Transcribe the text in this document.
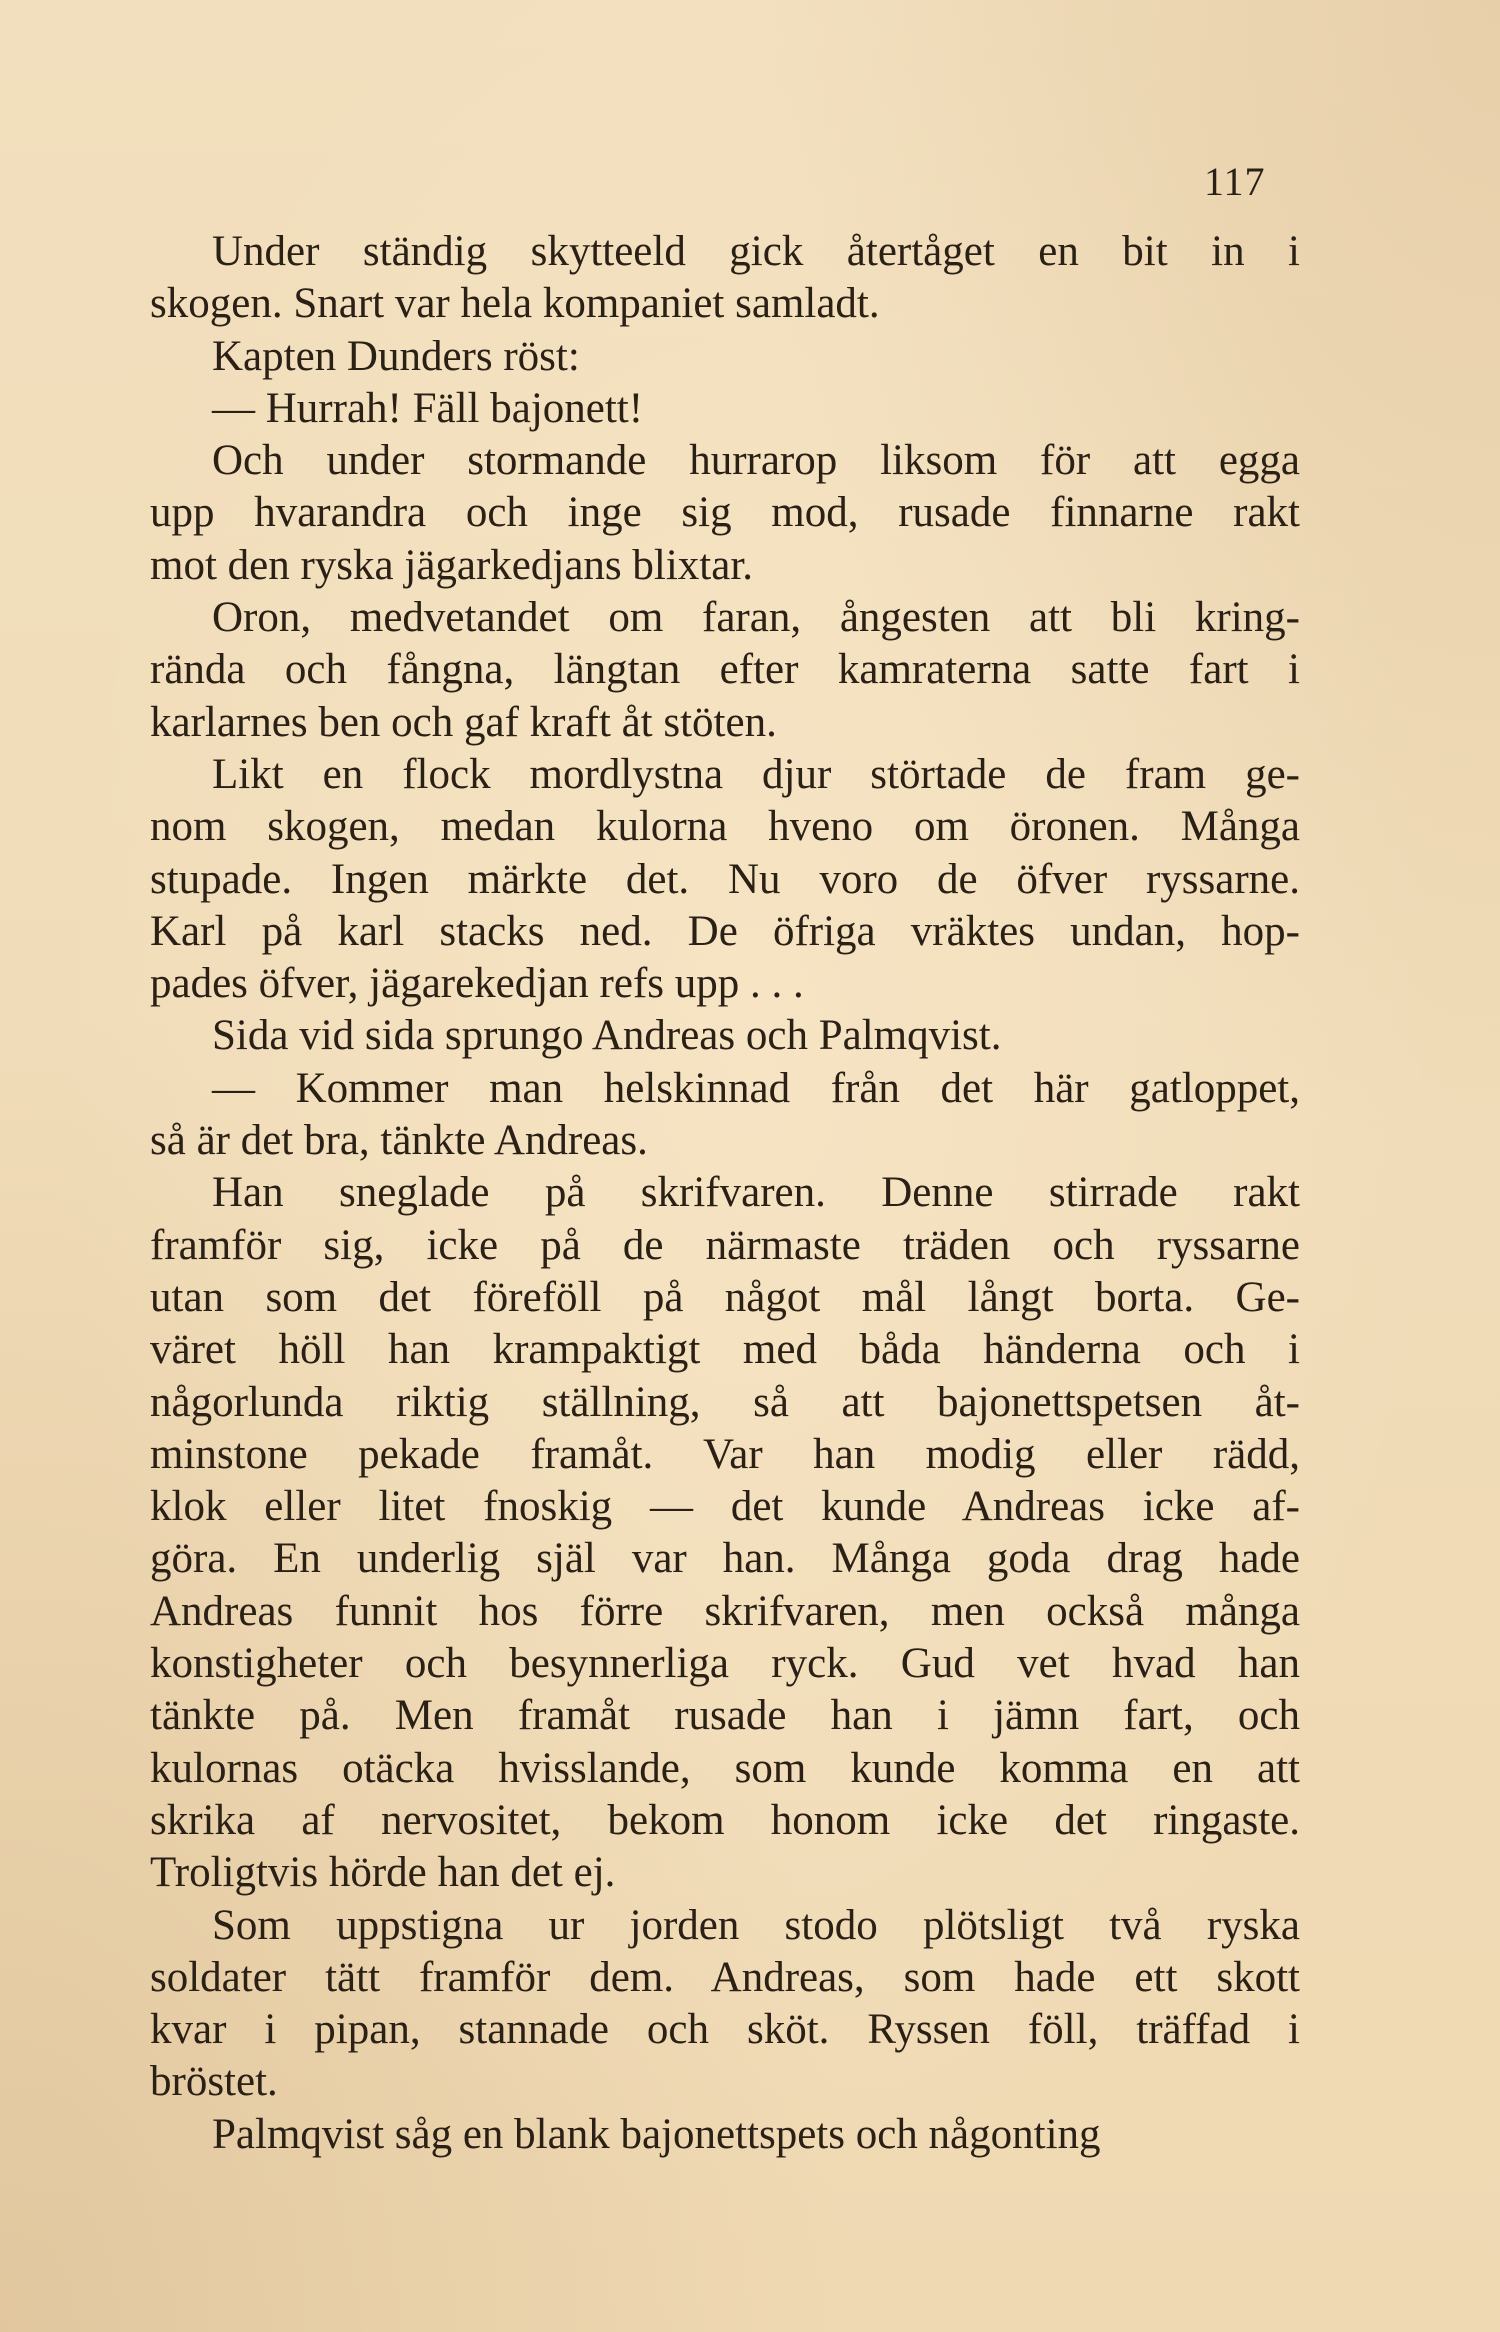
117
Under ständig skytteeld gick återtåget en bit in i
skogen. Snart var hela kompaniet samladt.
Kapten Dunders röst:
— Hurrah! Fäll bajonett!
Och under stormande hurrarop liksom för att egga
upp hvarandra och inge sig mod, rusade finnarne rakt
mot den ryska jägarkedjans blixtar.
Oron, medvetandet om faran, ångesten att bli kring-
rända och fångna, längtan efter kamraterna satte fart i
karlarnes ben och gaf kraft åt stöten.
Likt en flock mordlystna djur störtade de fram ge-
nom skogen, medan kulorna hveno om öronen. Många
stupade. Ingen märkte det. Nu voro de öfver ryssarne.
Karl på karl stacks ned. De öfriga vräktes undan, hop-
pades öfver, jägarekedjan refs upp . . .
Sida vid sida sprungo Andreas och Palmqvist.
— Kommer man helskinnad från det här gatloppet,
så är det bra, tänkte Andreas.
Han sneglade på skrifvaren. Denne stirrade rakt
framför sig, icke på de närmaste träden och ryssarne
utan som det föreföll på något mål långt borta. Ge-
väret höll han krampaktigt med båda händerna och i
någorlunda riktig ställning, så att bajonettspetsen åt-
minstone pekade framåt. Var han modig eller rädd,
klok eller litet fnoskig — det kunde Andreas icke af-
göra. En underlig själ var han. Många goda drag hade
Andreas funnit hos förre skrifvaren, men också många
konstigheter och besynnerliga ryck. Gud vet hvad han
tänkte på. Men framåt rusade han i jämn fart, och
kulornas otäcka hvisslande, som kunde komma en att
skrika af nervositet, bekom honom icke det ringaste.
Troligtvis hörde han det ej.
Som uppstigna ur jorden stodo plötsligt två ryska
soldater tätt framför dem. Andreas, som hade ett skott
kvar i pipan, stannade och sköt. Ryssen föll, träffad i
bröstet.
Palmqvist såg en blank bajonettspets och någonting
